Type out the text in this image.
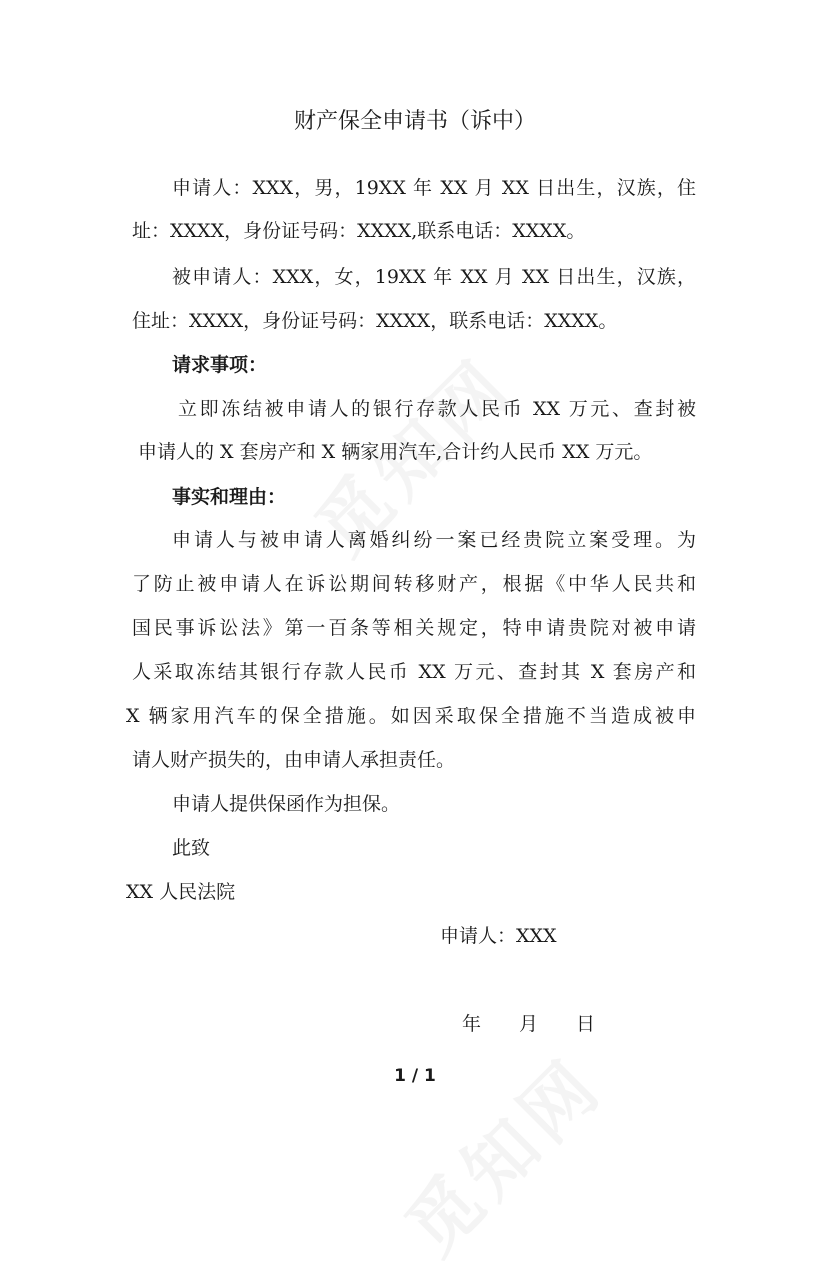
财产保全申请书（诉中）
申请人：XXX，男，19XX 年 XX 月 XX 日出生，汉族，住
址：XXXX，身份证号码：XXXX,联系电话：XXXX。
被申请人：XXX，女，19XX 年 XX 月 XX 日出生，汉族，
住址：XXXX，身份证号码：XXXX，联系电话：XXXX。
请求事项：
立即冻结被申请人的银行存款人民币 XX 万元、查封被
申请人的 X 套房产和 X 辆家用汽车,合计约人民币 XX 万元。
事实和理由：
申请人与被申请人离婚纠纷一案已经贵院立案受理。为
了防止被申请人在诉讼期间转移财产，根据《中华人民共和
国民事诉讼法》第一百条等相关规定，特申请贵院对被申请
人采取冻结其银行存款人民币 XX 万元、查封其 X 套房产和
X 辆家用汽车的保全措施。如因采取保全措施不当造成被申
请人财产损失的，由申请人承担责任。
申请人提供保函作为担保。
此致
XX 人民法院
申请人：XXX
年　　月　　日
1 / 1
